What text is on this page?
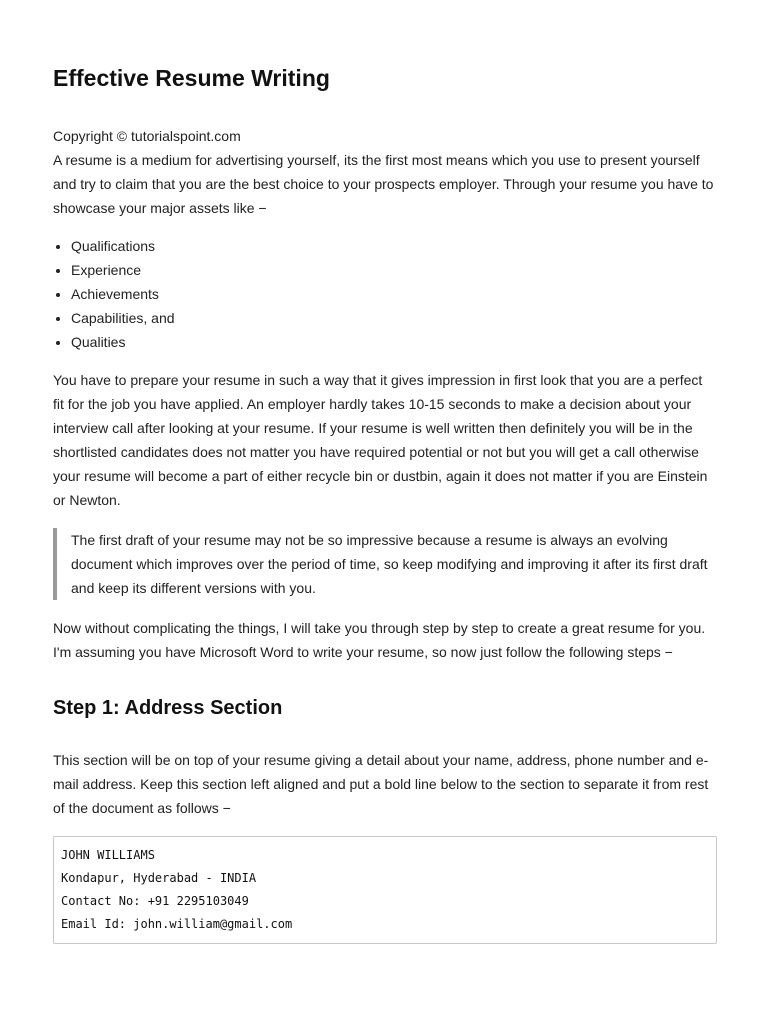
Effective Resume Writing

Copyright © tutorialspoint.com

A resume is a medium for advertising yourself, its the first most means which you use to present yourself and try to claim that you are the best choice to your prospects employer. Through your resume you have to showcase your major assets like −

• Qualifications
• Experience
• Achievements
• Capabilities, and
• Qualities

You have to prepare your resume in such a way that it gives impression in first look that you are a perfect fit for the job you have applied. An employer hardly takes 10-15 seconds to make a decision about your interview call after looking at your resume. If your resume is well written then definitely you will be in the shortlisted candidates does not matter you have required potential or not but you will get a call otherwise your resume will become a part of either recycle bin or dustbin, again it does not matter if you are Einstein or Newton.

The first draft of your resume may not be so impressive because a resume is always an evolving document which improves over the period of time, so keep modifying and improving it after its first draft and keep its different versions with you.

Now without complicating the things, I will take you through step by step to create a great resume for you. I'm assuming you have Microsoft Word to write your resume, so now just follow the following steps −

Step 1: Address Section

This section will be on top of your resume giving a detail about your name, address, phone number and e-mail address. Keep this section left aligned and put a bold line below to the section to separate it from rest of the document as follows −

JOHN WILLIAMS
Kondapur, Hyderabad - INDIA
Contact No: +91 2295103049
Email Id: john.william@gmail.com
